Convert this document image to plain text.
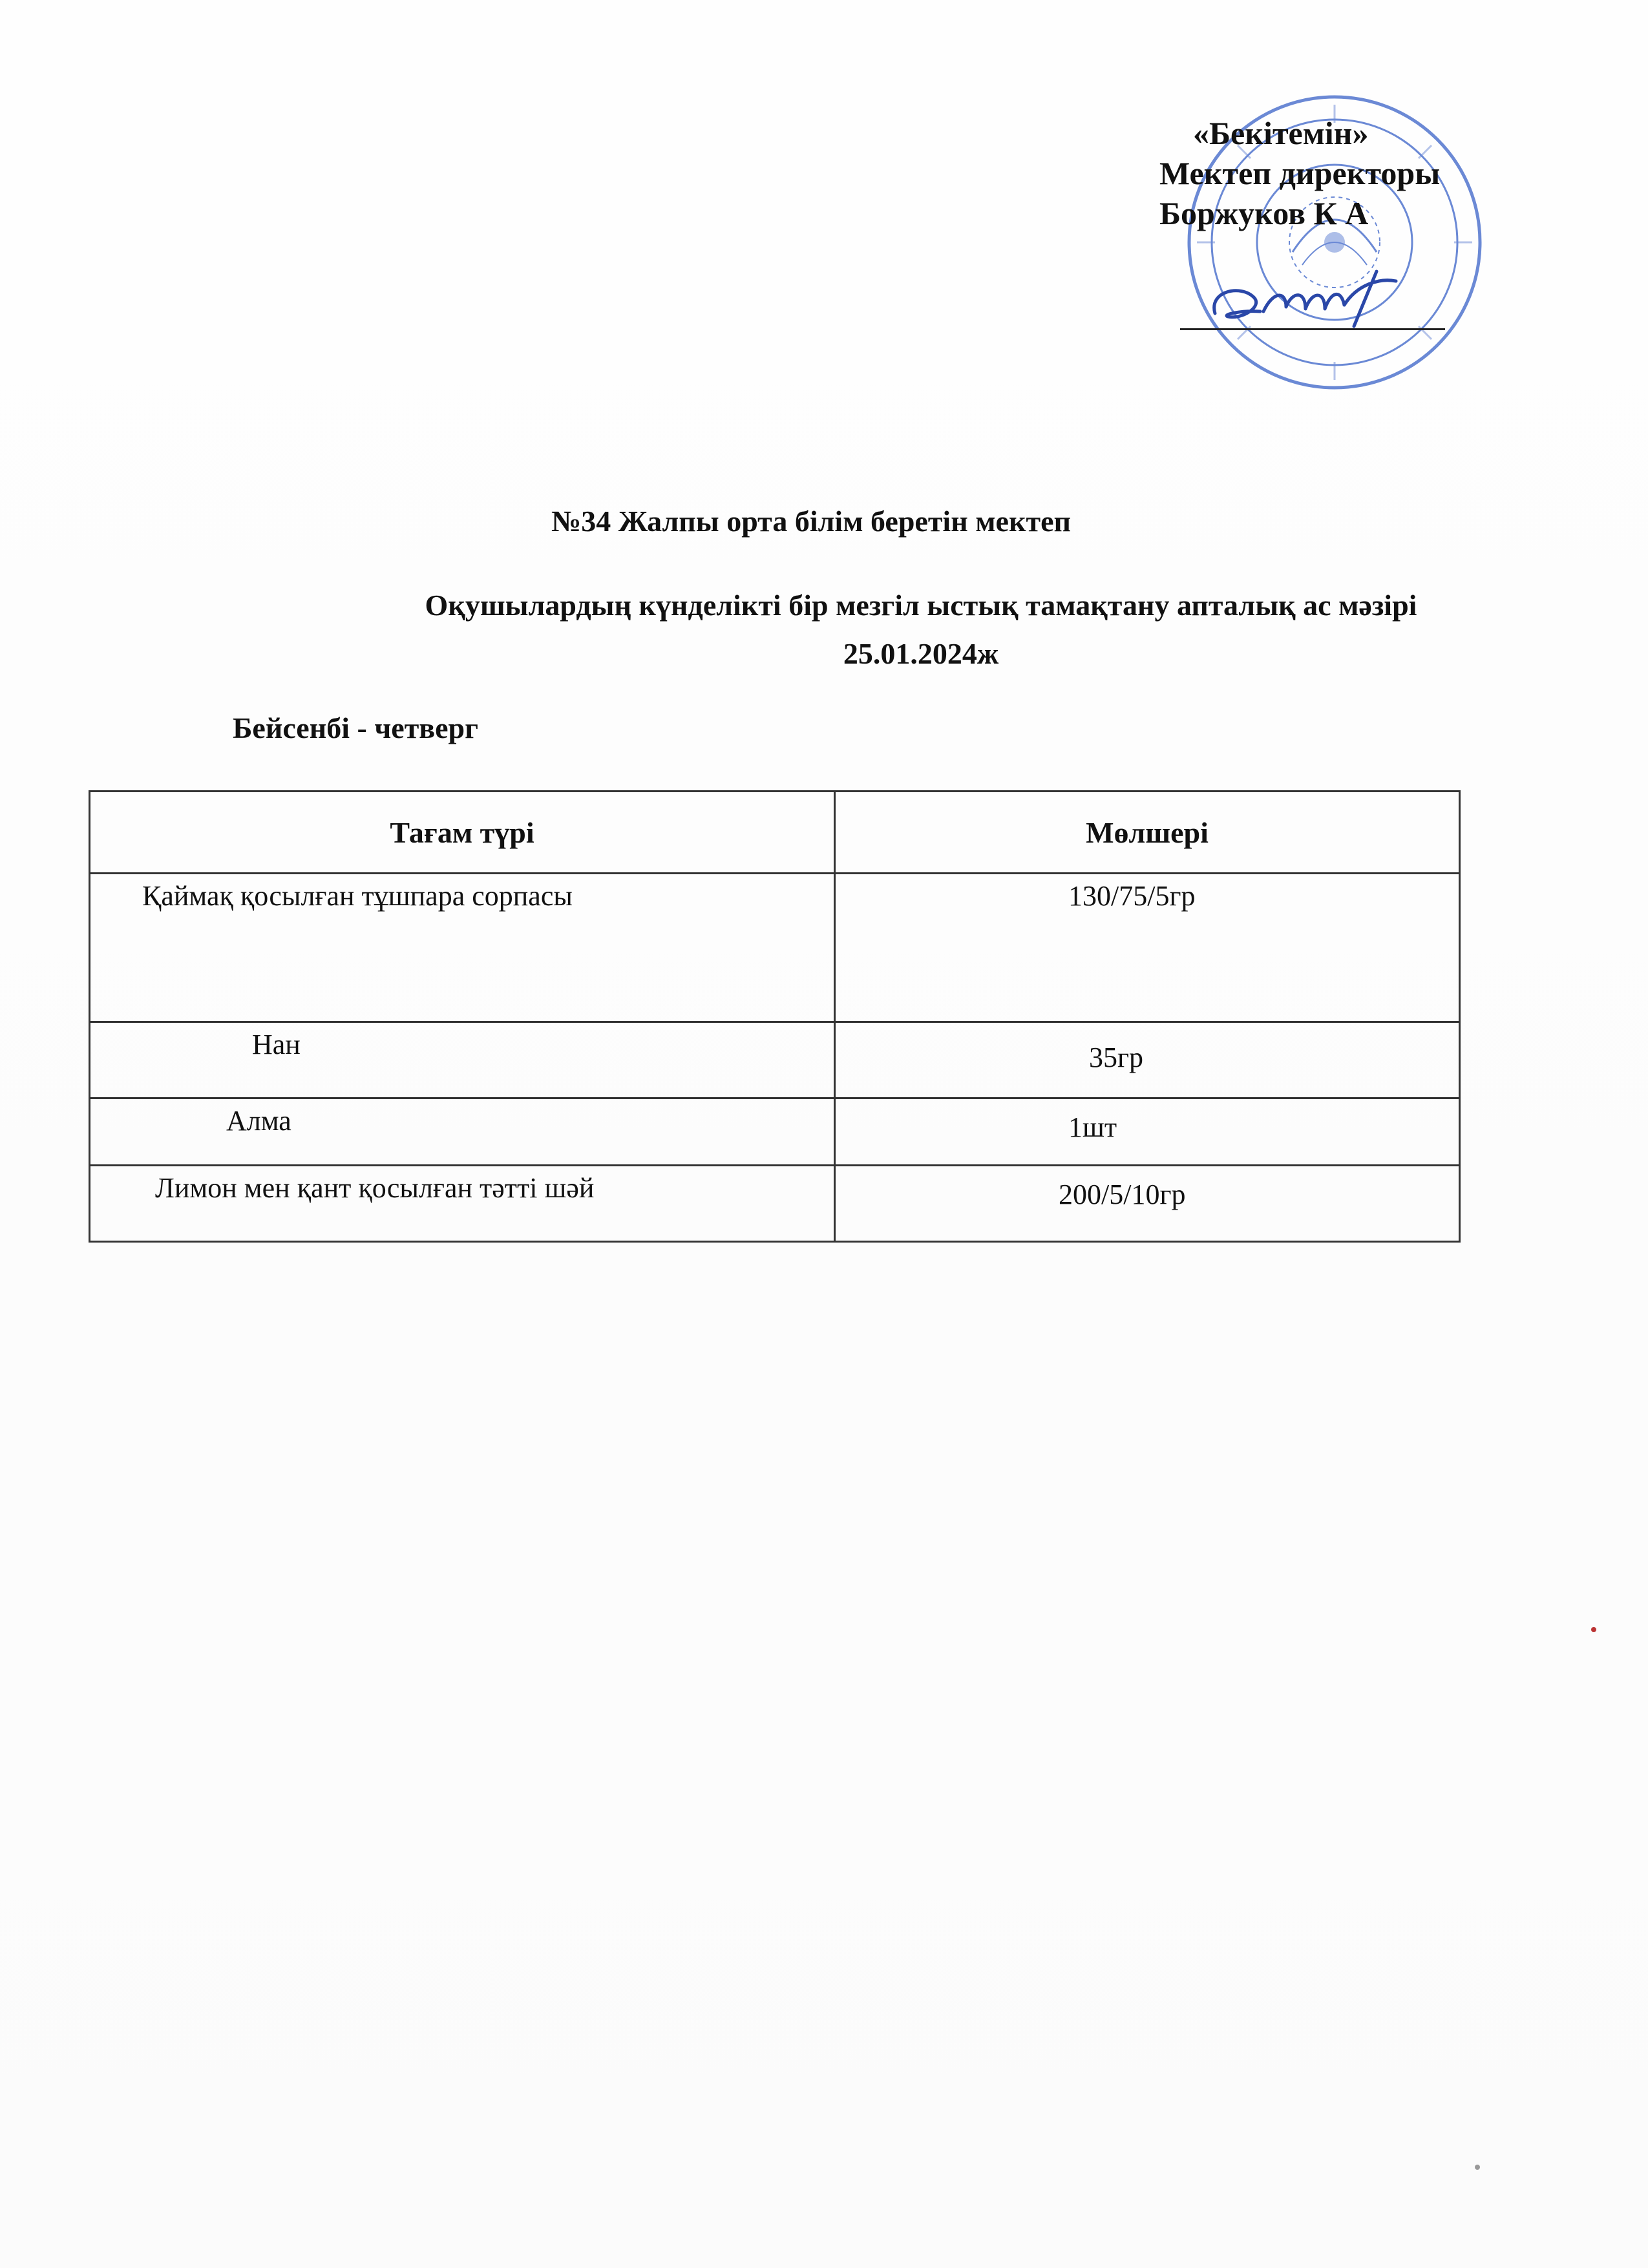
«Бекітемін»
Мектеп директоры
Боржуков К А
№34 Жалпы орта білім беретін мектеп
Оқушылардың күнделікті бір мезгіл ыстық тамақтану апталық ас мәзірі
25.01.2024ж
Бейсенбі - четверг
Тағам түрі	Мөлшері

Қаймақ қосылған тұшпара сорпасы	130/75/5гр

Нан	35гр

Алма	1шт

Лимон мен қант қосылған тәтті шәй	200/5/10гр
